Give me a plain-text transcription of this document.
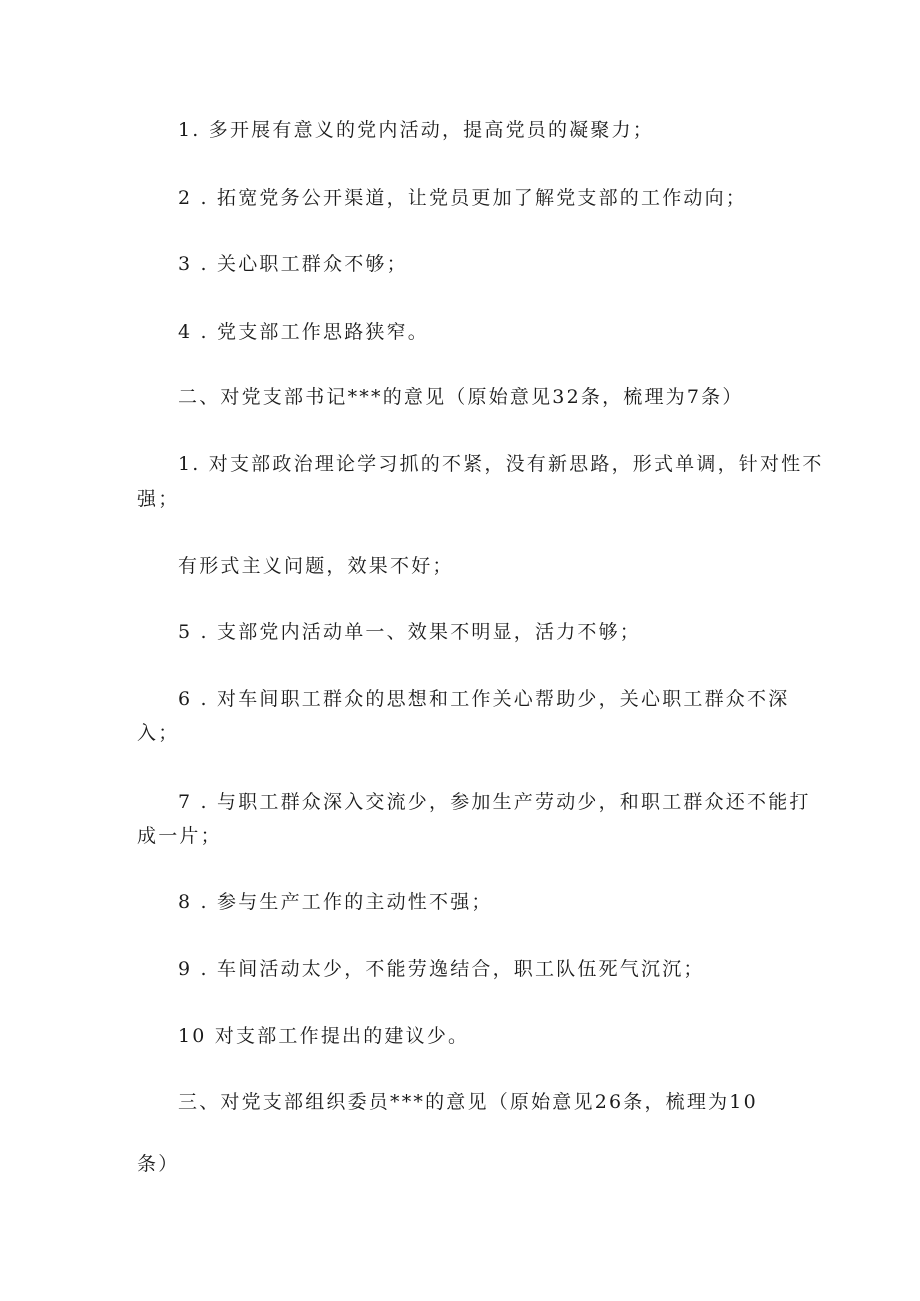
1. 多开展有意义的党内活动，提高党员的凝聚力；
2 . 拓宽党务公开渠道，让党员更加了解党支部的工作动向；
3 . 关心职工群众不够；
4 . 党支部工作思路狭窄。
二、对党支部书记***的意见（原始意见32条，梳理为7条）
1. 对支部政治理论学习抓的不紧，没有新思路，形式单调，针对性不
强；
有形式主义问题，效果不好；
5 . 支部党内活动单一、效果不明显，活力不够；
6 . 对车间职工群众的思想和工作关心帮助少，关心职工群众不深
入；
7 . 与职工群众深入交流少，参加生产劳动少，和职工群众还不能打
成一片；
8 . 参与生产工作的主动性不强；
9 . 车间活动太少，不能劳逸结合，职工队伍死气沉沉；
10 对支部工作提出的建议少。
三、对党支部组织委员***的意见（原始意见26条，梳理为10
条）
